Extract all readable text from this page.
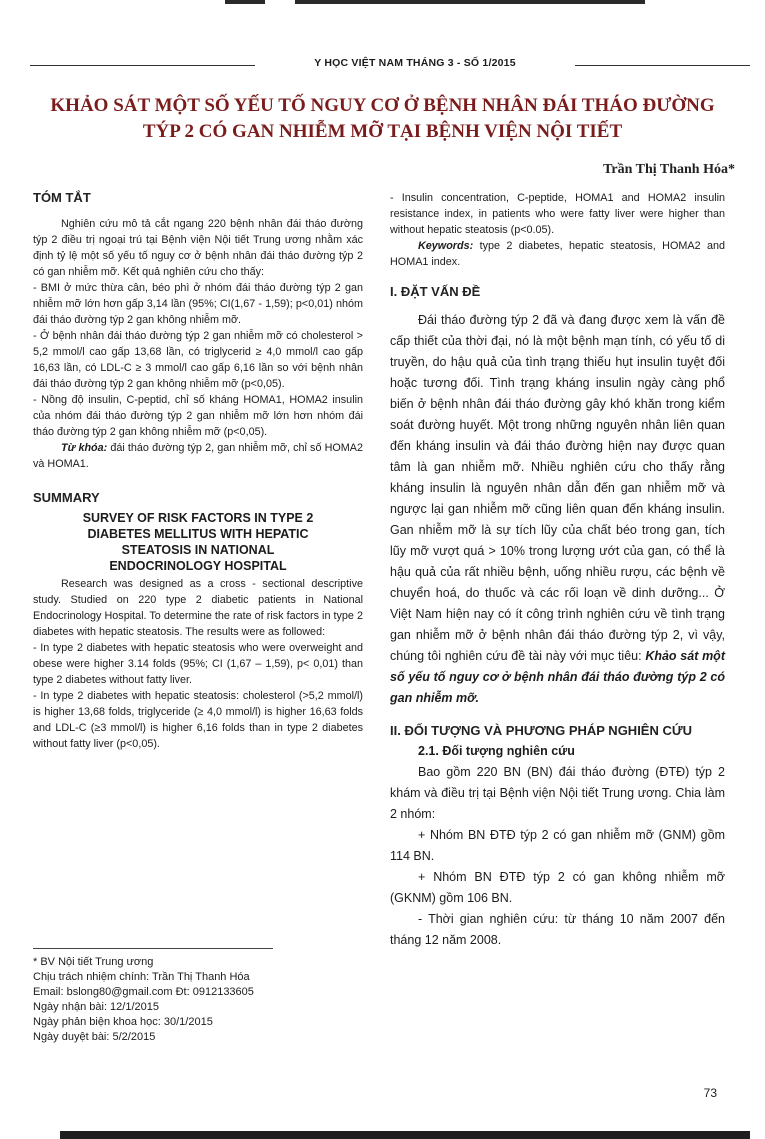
Y HỌC VIỆT NAM THÁNG 3 - SỐ 1/2015
KHẢO SÁT MỘT SỐ YẾU TỐ NGUY CƠ Ở BỆNH NHÂN ĐÁI THÁO ĐƯỜNG
TÝP 2 CÓ GAN NHIỄM MỠ TẠI BỆNH VIỆN NỘI TIẾT
Trần Thị Thanh Hóa*
TÓM TẮT

Nghiên cứu mô tả cắt ngang 220 bệnh nhân đái tháo đường týp 2 điều trị ngoại trú tại Bệnh viện Nội tiết Trung ương nhằm xác định tỷ lệ một số yếu tố nguy cơ ở bệnh nhân đái tháo đường týp 2 có gan nhiễm mỡ. Kết quả nghiên cứu cho thấy:

- BMI ở mức thừa cân, béo phì ở nhóm đái tháo đường týp 2 gan nhiễm mỡ lớn hơn gấp 3,14 lần (95%; CI(1,67 - 1,59); p<0,01) nhóm đái tháo đường týp 2 gan không nhiễm mỡ.

- Ở bệnh nhân đái tháo đường týp 2 gan nhiễm mỡ có cholesterol > 5,2 mmol/l cao gấp 13,68 lần, có triglycerid ≥ 4,0 mmol/l cao gấp 16,63 lần, có LDL-C ≥ 3 mmol/l cao gấp 6,16 lần so với bệnh nhân đái tháo đường týp 2 gan không nhiễm mỡ (p<0,05).

- Nồng độ insulin, C-peptid, chỉ số kháng HOMA1, HOMA2 insulin của nhóm đái tháo đường týp 2 gan nhiễm mỡ lớn hơn nhóm đái tháo đường týp 2 gan không nhiễm mỡ (p<0,05).

Từ khóa: đái tháo đường týp 2, gan nhiễm mỡ, chỉ số HOMA2 và HOMA1.

SUMMARY
SURVEY OF RISK FACTORS IN TYPE 2
DIABETES MELLITUS WITH HEPATIC
STEATOSIS IN NATIONAL
ENDOCRINOLOGY HOSPITAL

Research was designed as a cross - sectional descriptive study. Studied on 220 type 2 diabetic patients in National Endocrinology Hospital. To determine the rate of risk factors in type 2 diabetes with hepatic steatosis. The results were as followed:

- In type 2 diabetes with hepatic steatosis who were overweight and obese were higher 3.14 folds (95%; CI (1,67 – 1,59), p< 0,01) than type 2 diabetes without fatty liver.

- In type 2 diabetes with hepatic steatosis: cholesterol (>5,2 mmol/l) is higher 13,68 folds, triglyceride (≥ 4,0 mmol/l) is higher 16,63 folds and LDL-C (≥3 mmol/l) is higher 6,16 folds than in type 2 diabetes without fatty liver (p<0,05).

- Insulin concentration, C-peptide, HOMA1 and HOMA2 insulin resistance index, in patients who were fatty liver were higher than without hepatic steatosis (p<0.05).

Keywords: type 2 diabetes, hepatic steatosis, HOMA2 and HOMA1 index.

I. ĐẶT VẤN ĐỀ

Đái tháo đường týp 2 đã và đang được xem là vấn đề cấp thiết của thời đại, nó là một bệnh mạn tính, có yếu tố di truyền, do hậu quả của tình trạng thiếu hụt insulin tuyệt đối hoặc tương đối. Tình trạng kháng insulin ngày càng phổ biến ở bệnh nhân đái tháo đường gây khó khăn trong kiểm soát đường huyết. Một trong những nguyên nhân liên quan đến kháng insulin và đái tháo đường hiện nay được quan tâm là gan nhiễm mỡ. Nhiều nghiên cứu cho thấy rằng kháng insulin là nguyên nhân dẫn đến gan nhiễm mỡ và ngược lại gan nhiễm mỡ cũng liên quan đến kháng insulin. Gan nhiễm mỡ là sự tích lũy của chất béo trong gan, tích lũy mỡ vượt quá > 10% trong lượng ướt của gan, có thể là hậu quả của rất nhiều bệnh, uống nhiều rượu, các bệnh về chuyển hoá, do thuốc và các rối loạn về dinh dưỡng... Ở Việt Nam hiện nay có ít công trình nghiên cứu về tình trạng gan nhiễm mỡ ở bệnh nhân đái tháo đường týp 2, vì vậy, chúng tôi nghiên cứu đề tài này với mục tiêu: Khảo sát một số yếu tố nguy cơ ở bệnh nhân đái tháo đường týp 2 có gan nhiễm mỡ.

II. ĐỐI TƯỢNG VÀ PHƯƠNG PHÁP NGHIÊN CỨU
2.1. Đối tượng nghiên cứu

Bao gồm 220 BN (BN) đái tháo đường (ĐTĐ) týp 2 khám và điều trị tại Bệnh viện Nội tiết Trung ương. Chia làm 2 nhóm:

+ Nhóm BN ĐTĐ týp 2 có gan nhiễm mỡ (GNM) gồm 114 BN.

+ Nhóm BN ĐTĐ týp 2 có gan không nhiễm mỡ (GKNM) gồm 106 BN.

- Thời gian nghiên cứu: từ tháng 10 năm 2007 đến tháng 12 năm 2008.

* BV Nội tiết Trung ương
Chịu trách nhiệm chính: Trần Thị Thanh Hóa
Email: bslong80@gmail.com Đt: 0912133605
Ngày nhận bài: 12/1/2015
Ngày phản biện khoa học: 30/1/2015
Ngày duyệt bài: 5/2/2015
73
